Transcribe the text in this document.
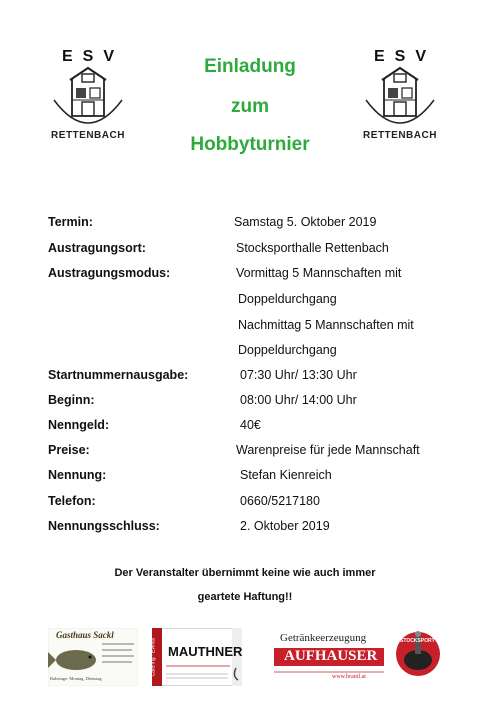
ESV
RETTENBACH
ESV
RETTENBACH
Einladung
zum
Hobbyturnier
Termin:	Samstag 5. Oktober 2019
Austragungsort:	Stocksporthalle Rettenbach
Austragungsmodus:	Vormittag 5 Mannschaften mit
Doppeldurchgang
Nachmittag 5 Mannschaften mit
Doppeldurchgang
Startnummernausgabe:	07:30 Uhr/ 13:30 Uhr
Beginn:	08:00 Uhr/ 14:00 Uhr
Nenngeld:	40€
Preise:	Warenpreise für jede Mannschaft
Nennung:	Stefan Kienreich
Telefon:	0660/5217180
Nennungsschluss:	2. Oktober 2019
Der Veranstalter übernimmt keine wie auch immer
geartete Haftung!!
Gasthaus Sackl
Ruhetage: Montag, Dienstag
MAUTHNER
Catering · Events	Getränkeerzeugung
AUFHAUSER
www.brantl.at
STOCKSPORT
